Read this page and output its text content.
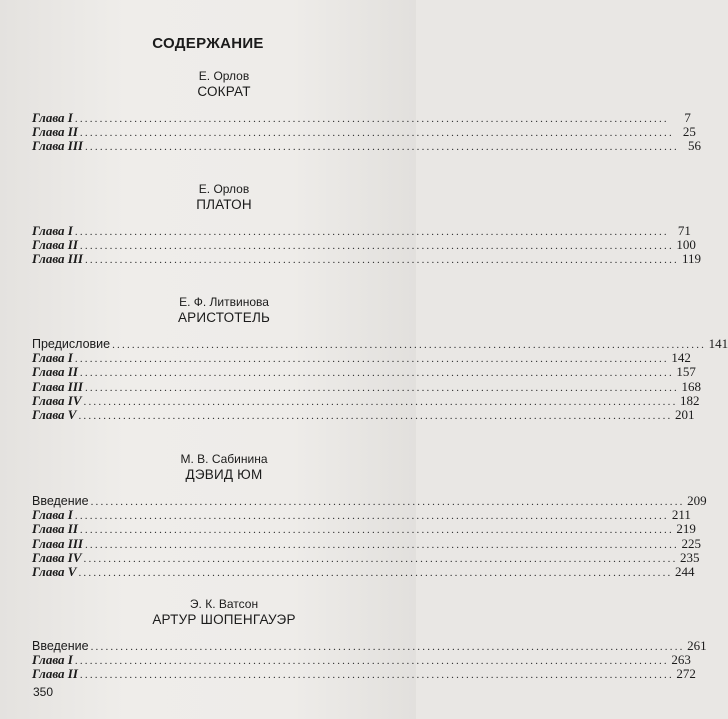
СОДЕРЖАНИЕ
Е. Орлов
СОКРАТ
Глава I ........................................................................................................................	7
Глава II ........................................................................................................................ 25
Глава III ........................................................................................................................ 56
Е. Орлов
ПЛАТОН
Глава I ........................................................................................................................ 71
Глава II ........................................................................................................................ 100
Глава III ........................................................................................................................ 119
Е. Ф. Литвинова
АРИСТОТЕЛЬ
Предисловие ........................................................................................................................ 141
Глава I ........................................................................................................................ 142
Глава II ........................................................................................................................ 157
Глава III ........................................................................................................................ 168
Глава IV ........................................................................................................................ 182
Глава V ........................................................................................................................ 201
М. В. Сабинина
ДЭВИД ЮМ
Введение ........................................................................................................................ 209
Глава I ........................................................................................................................ 211
Глава II ........................................................................................................................ 219
Глава III ........................................................................................................................ 225
Глава IV ........................................................................................................................ 235
Глава V ........................................................................................................................ 244
Э. К. Ватсон
АРТУР ШОПЕНГАУЭР
Введение ........................................................................................................................ 261
Глава I ........................................................................................................................ 263
Глава II ........................................................................................................................ 272
350
